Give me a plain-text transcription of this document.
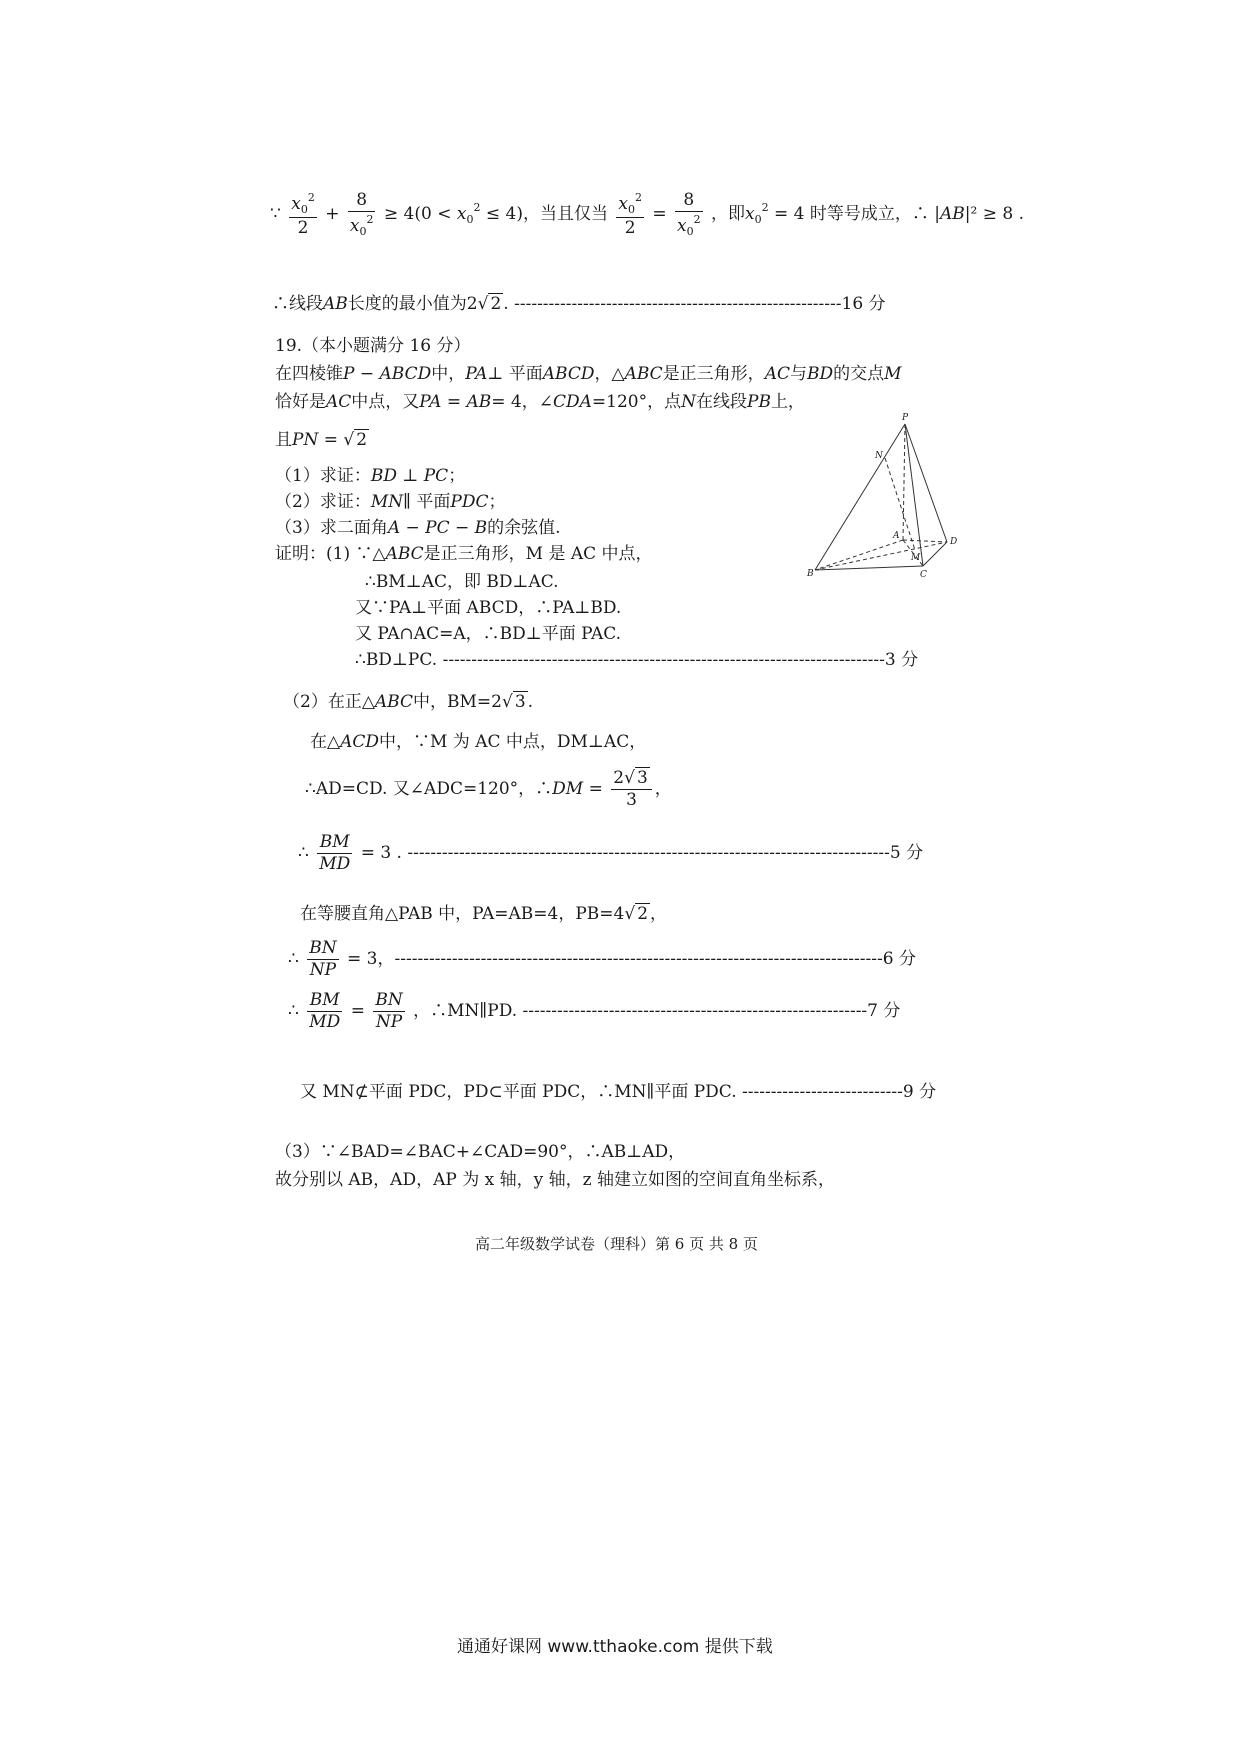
∵ $\frac{x_0^2}{2} + \frac{8}{x_0^2} \ge 4(0 < x_0^2 \le 4)$，当且仅当 $\frac{x_0^2}{2} = \frac{8}{x_0^2}$ ，即$x_0^2 = 4$ 时等号成立，∴ |AB|² ≥ 8 .
∴线段AB长度的最小值为2√ 2 . ---------------------------------------------------------16 分
19.（本小题满分 16 分）
在四棱锥P − ABCD中，PA⊥ 平面ABCD，△ABC是正三角形，AC与BD的交点M
恰好是AC中点，又PA = AB= 4，∠CDA=120°，点N在线段PB上，
且PN = √ 2
（1）求证：BD ⊥ PC；
（2）求证：MN∥ 平面PDC；
（3）求二面角A − PC − B的余弦值.
证明：(1) ∵△ABC是正三角形，M 是 AC 中点，
∴BM⊥AC，即 BD⊥AC.
又∵PA⊥平面 ABCD，∴PA⊥BD.
又 PA∩AC=A，∴BD⊥平面 PAC.
∴BD⊥PC. -----------------------------------------------------------------------------3 分
（2）在正△ABC中，BM=2√ 3 .
在△ACD中，∵M 为 AC 中点，DM⊥AC，
∴AD=CD. 又∠ADC=120°，∴DM = $\frac{2√ 3}{3}$ ，
∴ $\frac{BM}{MD} = 3$ . ------------------------------------------------------------------------------------5 分
在等腰直角△PAB 中，PA=AB=4，PB=4√ 2 ，
∴ $\frac{BN}{NP} = 3$，-------------------------------------------------------------------------------------6 分
∴ $\frac{BM}{MD} = \frac{BN}{NP}$ ，∴MN∥PD. ------------------------------------------------------------7 分
又 MN⊄平面 PDC，PD⊂平面 PDC，∴MN∥平面 PDC. ----------------------------9 分
（3）∵∠BAD=∠BAC+∠CAD=90°，∴AB⊥AD，
故分别以 AB，AD，AP 为 x 轴，y 轴，z 轴建立如图的空间直角坐标系，
P
N
A
M
D
B	C
高二年级数学试卷（理科）第 6 页 共 8 页
通通好课网 www.tthaoke.com 提供下载
